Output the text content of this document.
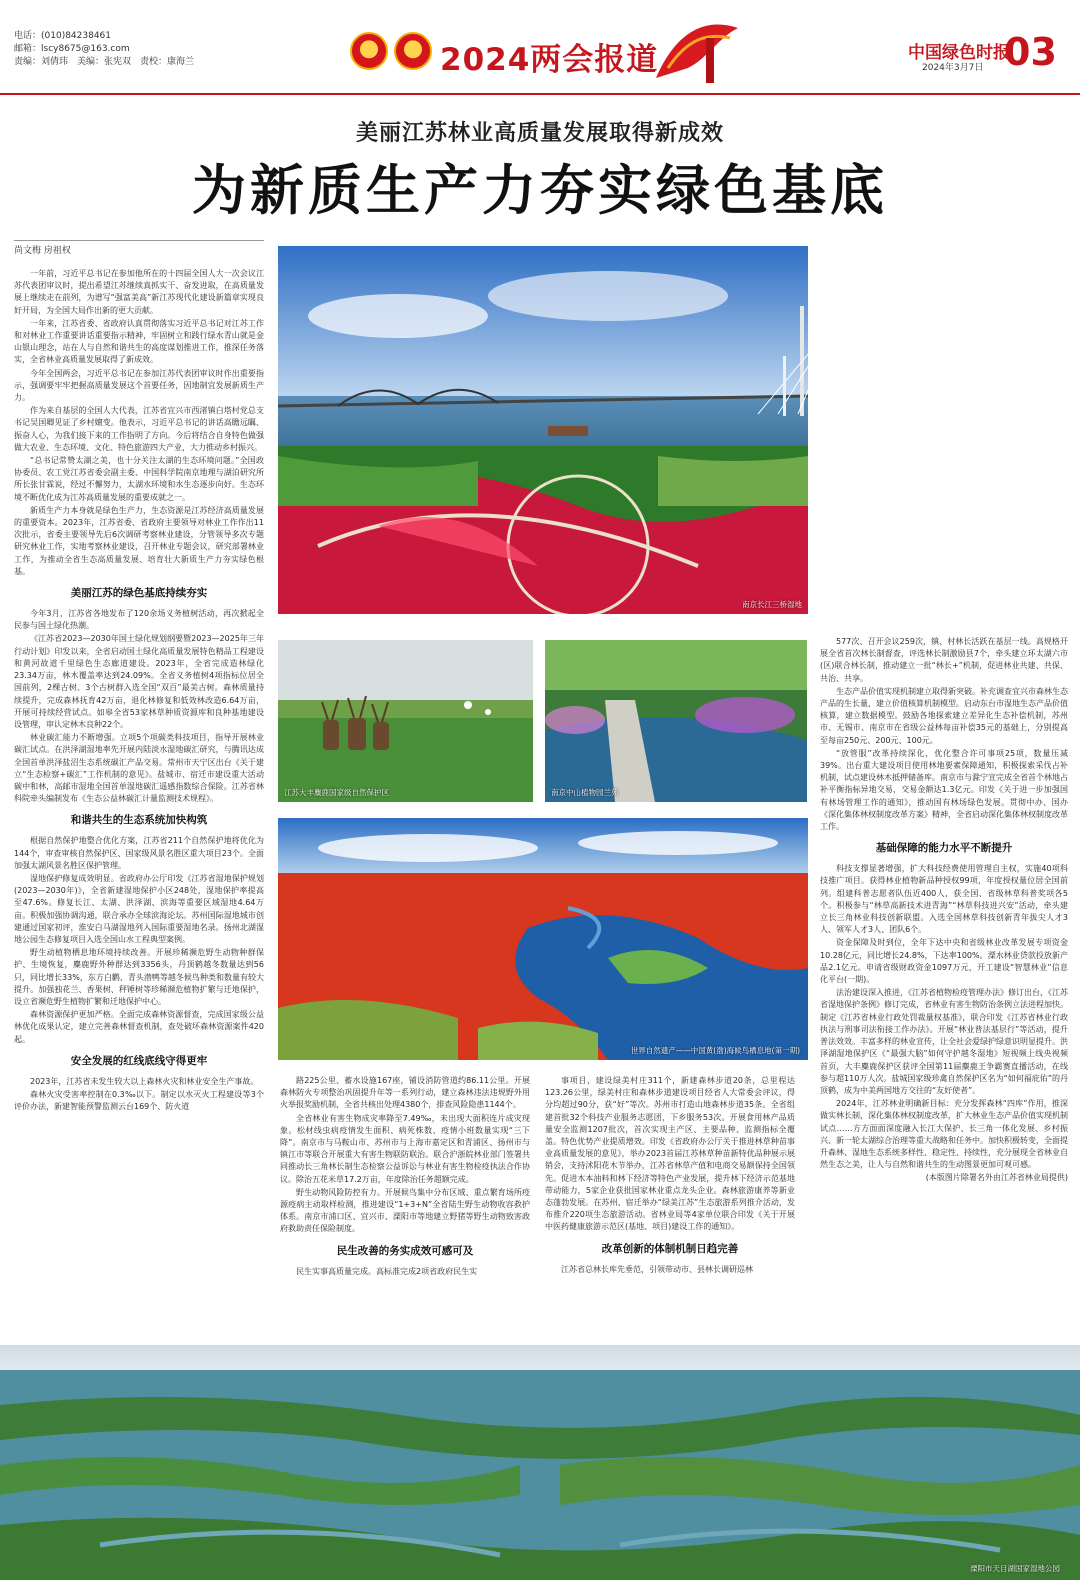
电话：(010)84238461
邮箱：lscy8675@163.com
责编：刘倩玮　美编：张宪双　责校：康海兰	2024两会报道	中国绿色时报
2024年3月7日 03
美丽江苏林业高质量发展取得新成效
为新质生产力夯实绿色基底
尚文梅 房祖权

一年前，习近平总书记在参加他所在的十四届全国人大一次会议江苏代表团审议时，提出希望江苏继续真抓实干、奋发进取，在高质量发展上继续走在前列，为谱写“强富美高”新江苏现代化建设新篇章实现良好开局，为全国大局作出新的更大贡献。

一年来，江苏省委、省政府认真贯彻落实习近平总书记对江苏工作和对林业工作重要讲话重要指示精神，牢固树立和践行绿水青山就是金山银山理念，站在人与自然和谐共生的高度谋划推进工作，推深任务落实，全省林业高质量发展取得了新成效。

今年全国两会，习近平总书记在参加江苏代表团审议时作出重要指示，强调要牢牢把握高质量发展这个首要任务，因地制宜发展新质生产力。

作为来自基层的全国人大代表，江苏省宜兴市西渚镇白塔村党总支书记吴国卿见证了乡村嬗变。他表示，习近平总书记的讲话高瞻远瞩、振奋人心，为我们接下来的工作指明了方向。今后将结合自身特色做强做大农业、生态环境、文化、特色旅游四大产业，大力推动乡村振兴。

“总书记常赞太湖之美，也十分关注太湖的生态环境问题。”全国政协委员、农工党江苏省委会副主委、中国科学院南京地理与湖泊研究所所长张甘霖说，经过不懈努力，太湖水环境和水生态逐步向好。生态环境不断优化成为江苏高质量发展的重要成就之一。

新质生产力本身就是绿色生产力，生态资源是江苏经济高质量发展的重要资本。2023年，江苏省委、省政府主要领导对林业工作作出11次批示，省委主要领导先后6次调研考察林业建设，分管领导多次专题研究林业工作，实地考察林业建设，召开林业专题会议，研究部署林业工作，为推动全省生态高质量发展、培育壮大新质生产力夯实绿色根基。

美丽江苏的绿色基底持续夯实

今年3月，江苏省各地发布了120余场义务植树活动，再次掀起全民参与国土绿化热潮。

《江苏省2023—2030年国土绿化规划纲要暨2023—2025年三年行动计划》印发以来，全省启动国土绿化高质量发展特色精品工程建设和黄河故道千里绿色生态廊道建设。2023年，全省完成造林绿化23.34万亩，林木覆盖率达到24.09%。全省义务植树4项指标位居全国前列，2棵古树、3个古树群入选全国“双百”最美古树。森林质量持续提升，完成森林抚育42万亩，退化林修复和低效林改造6.64万亩，开展可持续经营试点。如皋全省53家林草种质资源库和良种基地建设设管理，审认定林木良种22个。

林业碳汇能力不断增强。立项5个项碳类科技项目，指导开展林业碳汇试点。在洪泽湖湿地率先开展内陆淡水湿地碳汇研究，与腾讯达成全国首单洪泽盐沼生态系统碳汇产品交易。常州市天宁区出台《关于建立“生态检察+碳汇”工作机制的意见》。盐城市、宿迁市建设重大活动碳中和林，高邮市湿地全国首单湿地碳汇遥感指数综合保险。江苏省林科院牵头编制发布《生态公益林碳汇计量监测技术规程》。

和谐共生的生态系统加快构筑

根据自然保护地整合优化方案，江苏省211个自然保护地将优化为144个，审查审核自然保护区、国家级风景名胜区重大项目23个。全面加强太湖风景名胜区保护管理。

湿地保护修复成效明显。省政府办公厅印发《江苏省湿地保护规划(2023—2030年)》，全省新建湿地保护小区248处，湿地保护率提高至47.6%。修复长江、太湖、洪泽湖、滨海等重要区域湿地4.64万亩。积极加强协调沟通，联合承办全球滨海论坛。苏州国际湿地城市创建通过国家初评，淮安白马湖湿地列入国际重要湿地名录。扬州北湖湿地公园生态修复项目入选全国山水工程典型案例。

野生动植物栖息地环境持续改善。开展珍稀濒危野生动物种群保护、生境恢复，麋鹿野外种群达到3356头，丹顶鹤越冬数量达到56只，同比增长33%，东方白鹳、青头潜鸭等越冬候鸟种类和数量有较大提升。加强独花兰、香果树、秤锤树等珍稀濒危植物扩繁与迁地保护，设立省濒危野生植物扩繁和迁地保护中心。

森林资源保护更加严格。全面完成森林资源督查，完成国家级公益林优化成果认定，建立完善森林督查机制，查处破坏森林资源案件420起。

安全发展的红线底线守得更牢

2023年，江苏省未发生较大以上森林火灾和林业安全生产事故。

森林火灾受害率控制在0.3‰以下。制定以水灭火工程建设等3个评价办法，新建智能预警监测云台169个、防火道

南京长江三桥湿地
江苏大丰麋鹿国家级自然保护区	南京中山植物园兰苑
世界自然遗产——中国黄(渤)海候鸟栖息地(第一期)

路225公里、蓄水设施167座，铺设消防管道约86.11公里。开展森林防火专项整治巩固提升年等一系列行动，建立森林违法违规野外用火举报奖励机制，全省共核出处理4380个，排查风险隐患1144个。

全省林业有害生物成灾率降至7.49‰，未出现大面积连片成灾现象。松材线虫病疫情发生面积、病死株数、疫情小班数量实现“三下降”。南京市与马鞍山市、苏州市与上海市嘉定区和青浦区、扬州市与镇江市等联合开展重大有害生物联防联治。联合沪浙皖林业部门签署共同推动长三角林长制生态检察公益诉讼与林业有害生物检疫执法合作协议。除治五花米草17.2万亩，年度除治任务超额完成。

野生动物风险防控有力。开展候鸟集中分布区域、重点繁育场所疫源疫病主动取样检测，推进建设“1+3+N”全省陆生野生动物收容救护体系。南京市浦口区、宜兴市、溧阳市等地建立野猪等野生动物致害政府救助责任保险制度。

民生改善的务实成效可感可及

民生实事高质量完成。高标准完成2项省政府民生实

事项目，建设绿美村庄311个，新建森林步道20条，总里程达123.26公里，绿美村庄和森林步道建设项目经省人大常委会评议，得分均超过90分，获“好”等次。苏州市打造山地森林步道35条。全省组建首批32个科技产业服务志愿团，下乡服务53次。开展食用林产品质量安全监测1207批次，首次实现主产区、主要品种、监测指标全覆盖。特色优势产业提质增效。印发《省政府办公厅关于推进林草种苗事业高质量发展的意见》，举办2023首届江苏林草种苗新特优品种展示展销会，支持沭阳花木节举办，江苏省林草产值和电商交易额保持全国领先。促进木本油料和林下经济等特色产业发展，提升林下经济示范基地带动能力，5家企业获批国家林业重点龙头企业。森林旅游康养等新业态蓬勃发展。在苏州、宿迁举办“绿美江苏”生态旅游系列推介活动，发布推介220项生态旅游活动。省林业局等4家单位联合印发《关于开展中医药健康旅游示范区(基地、项目)建设工作的通知》。

改革创新的体制机制日趋完善

江苏省总林长库先垂范，引领带动市、县林长调研巡林

577次、召开会议259次，镇、村林长活跃在基层一线。高规格开展全省首次林长制督查，评选林长制激励县7个，牵头建立环太湖六市(区)联合林长制，推动建立一批“林长+”机制，促进林业共建、共保、共治、共享。

生态产品价值实现机制建立取得新突破。补充调查宜兴市森林生态产品的生长量，建立价值核算机制模型。启动东台市湿地生态产品价值核算，建立数据模型。鼓励各地探索建立差异化生态补偿机制，苏州市、无锡市、南京市在省级公益林每亩补偿35元的基础上，分别提高至每亩250元、200元、100元。

“放管服”改革持续深化，优化整合许可事项25项，数量压减39%。出台重大建设项目使用林地要素保障通知，积极探索采伐占补机制，试点建设林木抵押储备库。南京市与滁宁宣完成全省首个林地占补平衡指标异地交易，交易金额达1.3亿元。印发《关于进一步加强国有林场管理工作的通知》，推动国有林场绿色发展。贯彻中办、国办《深化集体林权制度改革方案》精神，全省启动深化集体林权制度改革工作。

基础保障的能力水平不断提升

科技支撑显著增强，扩大科技经费使用管理自主权，实施40项科技推广项目。获得林业植物新品种授权99项，年度授权量位居全国前列。组建科普志愿者队伍近400人，获全国、省级林草科普奖项各5个。积极参与“林草高新技术进青海”“林草科技进兴安”活动，牵头建立长三角林业科技创新联盟。入选全国林草科技创新青年拔尖人才3人、领军人才3人、团队6个。

资金保障及时到位，全年下达中央和省级林业改革发展专项资金10.28亿元，同比增长24.8%，下达率100%。溧水林业贷款投放新产品2.1亿元。申请省级财政资金1097万元，开工建设“智慧林业”信息化平台(一期)。

法治建设深入推进，《江苏省植物检疫管理办法》修订出台，《江苏省湿地保护条例》修订完成，省林业有害生物防治条例立法进程加快。制定《江苏省林业行政处罚裁量权基准》，联合印发《江苏省林业行政执法与刑事司法衔接工作办法》。开展“林业普法基层行”等活动，提升普法效效。丰富多样的林业宣传，让全社会爱绿护绿意识明显提升。洪泽湖湿地保护区《“最强大脑”如何守护越冬湿地》短视频上线央视频首页，大丰麋鹿保护区获评全国第11届麋鹿王争霸赛直播活动，在线参与超110万人次。盐城国家级珍禽自然保护区名为“如何福庇佑”的丹顶鹤，成为中美两国地方交往的“友好使者”。

2024年，江苏林业明确新目标：充分发挥森林“四库”作用，推深做实林长制，深化集体林权制度改革，扩大林业生态产品价值实现机制试点……方方面面深度融入长江大保护、长三角一体化发展、乡村振兴、新一轮太湖综合治理等重大战略和任务中。加快积极转变，全面提升森林、湿地生态系统多样性、稳定性、持续性，充分展现全省林业自然生态之美，让人与自然和谐共生的生动图景更加可观可感。

(本版图片除署名外由江苏省林业局提供)

溧阳市天目湖国家湿地公园
